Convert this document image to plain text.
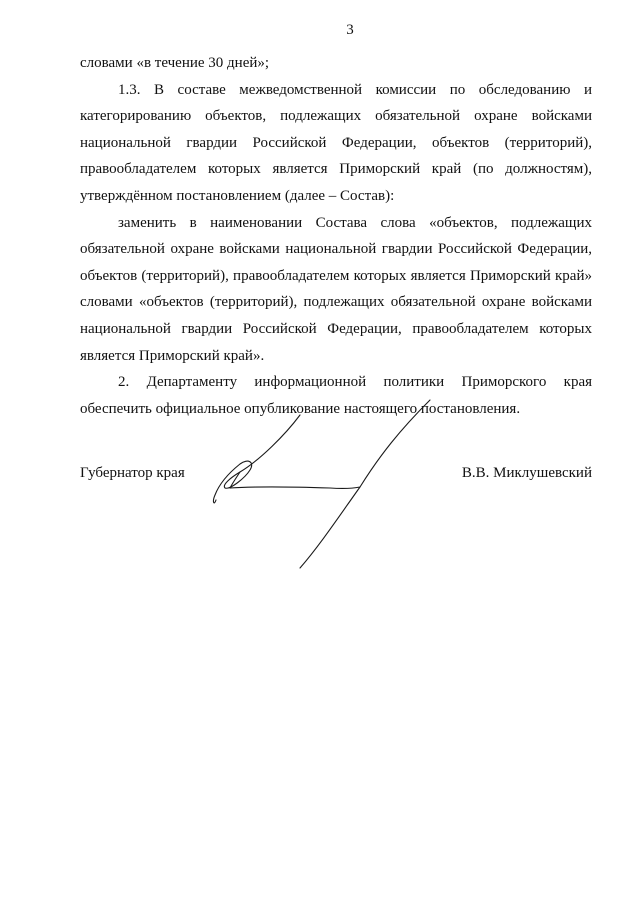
3

словами «в течение 30 дней»;

1.3. В составе межведомственной комиссии по обследованию и категорированию объектов, подлежащих обязательной охране войсками национальной гвардии Российской Федерации, объектов (территорий), правообладателем которых является Приморский край (по должностям), утверждённом постановлением (далее – Состав):

заменить в наименовании Состава слова «объектов, подлежащих обязательной охране войсками национальной гвардии Российской Федерации, объектов (территорий), правообладателем которых является Приморский край» словами «объектов (территорий), подлежащих обязательной охране войсками национальной гвардии Российской Федерации, правообладателем которых является Приморский край».

2. Департаменту информационной политики Приморского края обеспечить официальное опубликование настоящего постановления.

Губернатор края	В.В. Миклушевский
